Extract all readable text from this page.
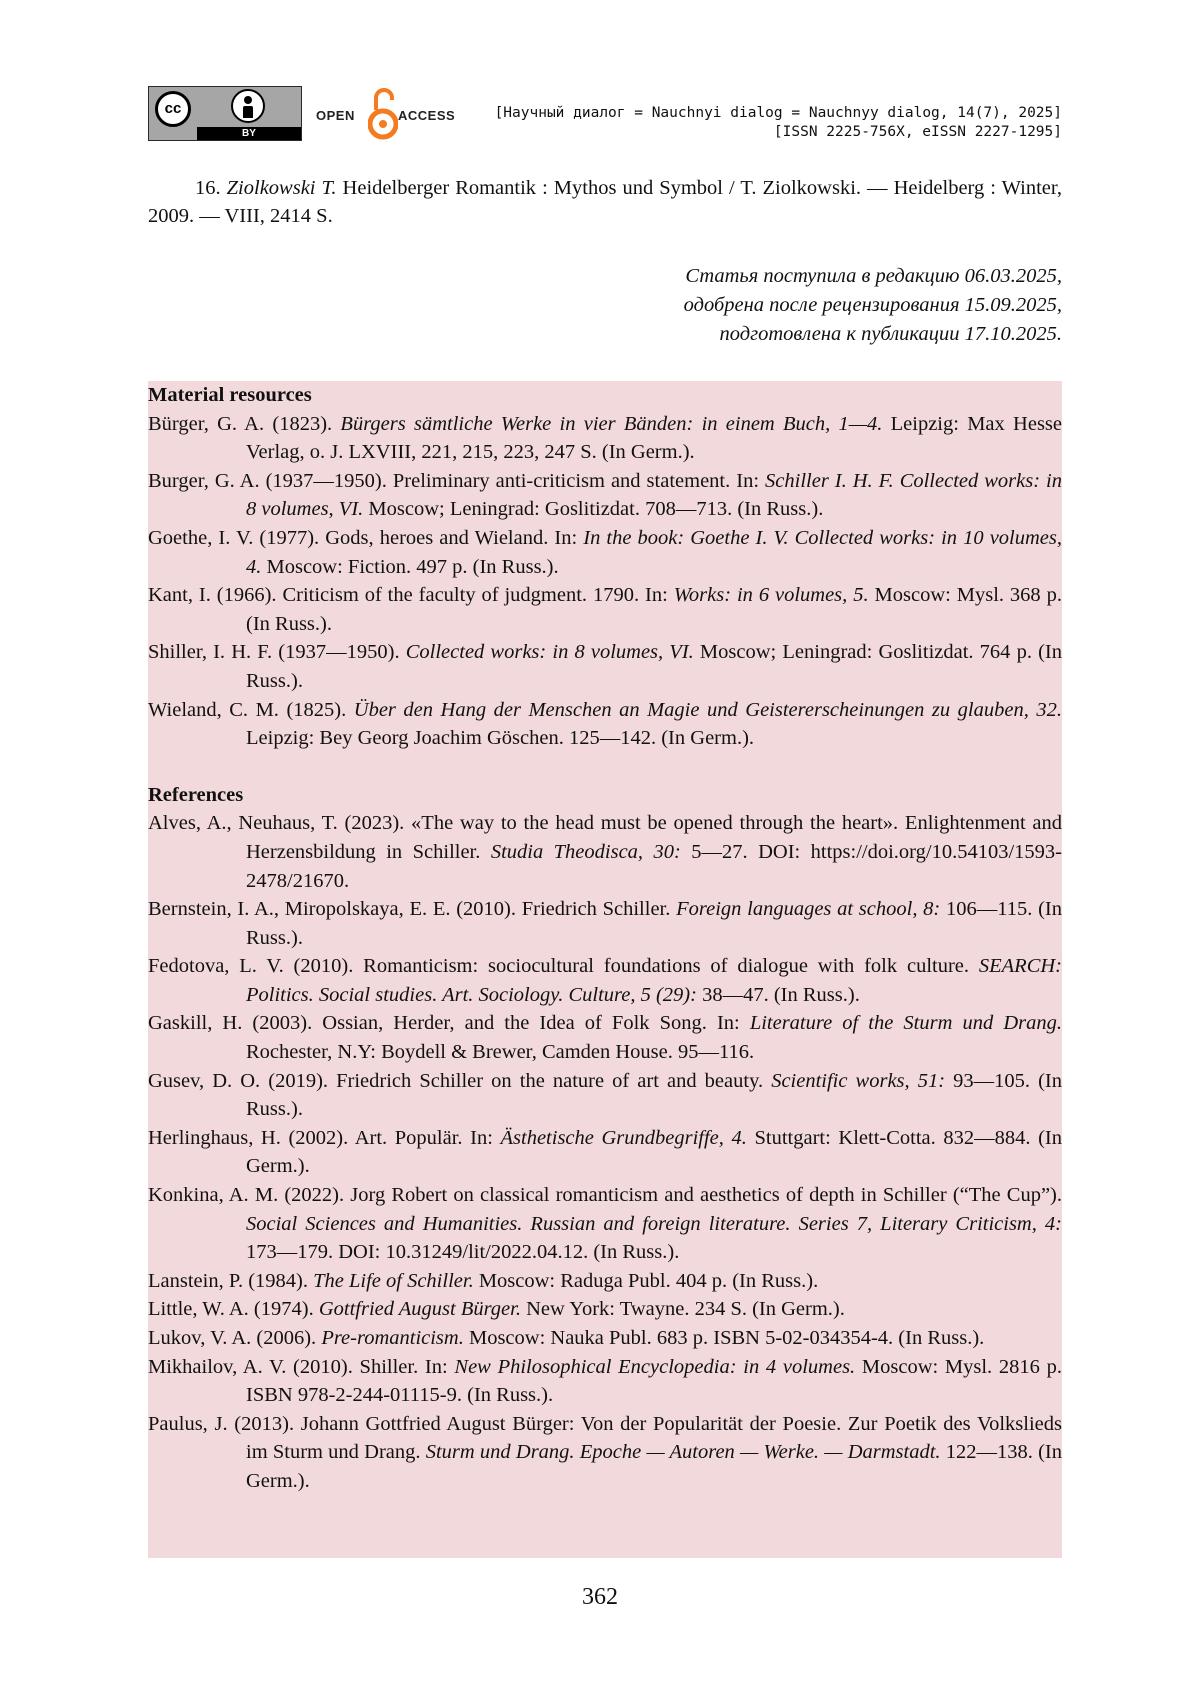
cc
BY
OPEN	ACCESS	[Научный диалог = Nauchnyi dialog = Nauchnyy dialog, 14(7), 2025]
[ISSN 2225-756X, eISSN 2227-1295]
16. Ziolkowski T. Heidelberger Romantik : Mythos und Symbol / T. Ziolkowski. — Heidelberg : Winter, 2009. — VIII, 2414 S.
Статья поступила в редакцию 06.03.2025,
одобрена после рецензирования 15.09.2025,
подготовлена к публикации 17.10.2025.
Material resources
Bürger, G. A. (1823). Bürgers sämtliche Werke in vier Bänden: in einem Buch, 1—4. Leipzig: Max Hesse Verlag, o. J. LXVIII, 221, 215, 223, 247 S. (In Germ.).
Burger, G. A. (1937—1950). Preliminary anti-criticism and statement. In: Schiller I. H. F. Collected works: in 8 volumes, VI. Moscow; Leningrad: Goslitizdat. 708—713. (In Russ.).
Goethe, I. V. (1977). Gods, heroes and Wieland. In: In the book: Goethe I. V. Collected works: in 10 volumes, 4. Moscow: Fiction. 497 p. (In Russ.).
Kant, I. (1966). Criticism of the faculty of judgment. 1790. In: Works: in 6 volumes, 5. Moscow: Mysl. 368 p. (In Russ.).
Shiller, I. H. F. (1937—1950). Collected works: in 8 volumes, VI. Moscow; Leningrad: Goslitizdat. 764 p. (In Russ.).
Wieland, C. M. (1825). Über den Hang der Menschen an Magie und Geistererscheinungen zu glauben, 32. Leipzig: Bey Georg Joachim Göschen. 125—142. (In Germ.).
References
Alves, A., Neuhaus, T. (2023). «The way to the head must be opened through the heart». Enlightenment and Herzensbildung in Schiller. Studia Theodisca, 30: 5—27. DOI: https://doi.org/10.54103/1593-2478/21670.
Bernstein, I. A., Miropolskaya, E. E. (2010). Friedrich Schiller. Foreign languages at school, 8: 106—115. (In Russ.).
Fedotova, L. V. (2010). Romanticism: sociocultural foundations of dialogue with folk culture. SEARCH: Politics. Social studies. Art. Sociology. Culture, 5 (29): 38—47. (In Russ.).
Gaskill, H. (2003). Ossian, Herder, and the Idea of Folk Song. In: Literature of the Sturm und Drang. Rochester, N.Y: Boydell & Brewer, Camden House. 95—116.
Gusev, D. O. (2019). Friedrich Schiller on the nature of art and beauty. Scientific works, 51: 93—105. (In Russ.).
Herlinghaus, H. (2002). Art. Populär. In: Ästhetische Grundbegriffe, 4. Stuttgart: Klett-Cotta. 832—884. (In Germ.).
Konkina, A. M. (2022). Jorg Robert on classical romanticism and aesthetics of depth in Schiller (“The Cup”). Social Sciences and Humanities. Russian and foreign literature. Series 7, Literary Criticism, 4: 173—179. DOI: 10.31249/lit/2022.04.12. (In Russ.).
Lanstein, P. (1984). The Life of Schiller. Moscow: Raduga Publ. 404 p. (In Russ.).
Little, W. A. (1974). Gottfried August Bürger. New York: Twayne. 234 S. (In Germ.).
Lukov, V. A. (2006). Pre-romanticism. Moscow: Nauka Publ. 683 p. ISBN 5-02-034354-4. (In Russ.).
Mikhailov, A. V. (2010). Shiller. In: New Philosophical Encyclopedia: in 4 volumes. Moscow: Mysl. 2816 p. ISBN 978-2-244-01115-9. (In Russ.).
Paulus, J. (2013). Johann Gottfried August Bürger: Von der Popularität der Poesie. Zur Poetik des Volkslieds im Sturm und Drang. Sturm und Drang. Epoche — Autoren — Werke. — Darmstadt. 122—138. (In Germ.).
362
